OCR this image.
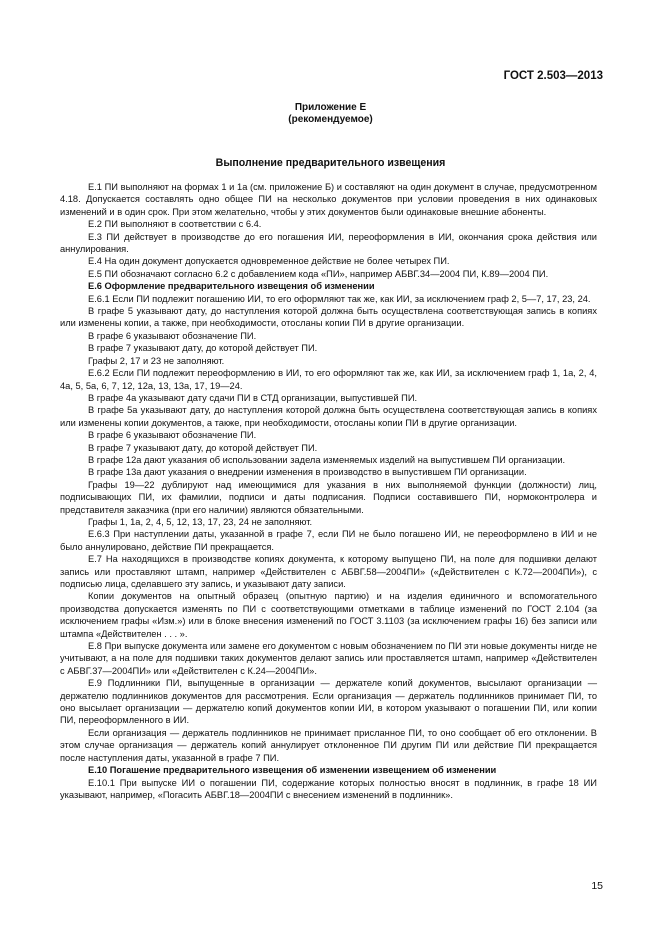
ГОСТ 2.503—2013
Приложение Е
(рекомендуемое)
Выполнение предварительного извещения

Е.1 ПИ выполняют на формах 1 и 1а (см. приложение Б) и составляют на один документ в случае, предусмотренном 4.18. Допускается составлять одно общее ПИ на несколько документов при условии проведения в них одинаковых изменений и в один срок. При этом желательно, чтобы у этих документов были одинаковые внешние абоненты.

Е.2 ПИ выполняют в соответствии с 6.4.

Е.3 ПИ действует в производстве до его погашения ИИ, переоформления в ИИ, окончания срока действия или аннулирования.

Е.4 На один документ допускается одновременное действие не более четырех ПИ.

Е.5 ПИ обозначают согласно 6.2 с добавлением кода «ПИ», например АБВГ.34—2004 ПИ, К.89—2004 ПИ.

Е.6 Оформление предварительного извещения об изменении

Е.6.1 Если ПИ подлежит погашению ИИ, то его оформляют так же, как ИИ, за исключением граф 2, 5—7, 17, 23, 24.

В графе 5 указывают дату, до наступления которой должна быть осуществлена соответствующая запись в копиях или изменены копии, а также, при необходимости, отосланы копии ПИ в другие организации.

В графе 6 указывают обозначение ПИ.

В графе 7 указывают дату, до которой действует ПИ.

Графы 2, 17 и 23 не заполняют.

Е.6.2 Если ПИ подлежит переоформлению в ИИ, то его оформляют так же, как ИИ, за исключением граф 1, 1а, 2, 4, 4а, 5, 5а, 6, 7, 12, 12а, 13, 13а, 17, 19—24.

В графе 4а указывают дату сдачи ПИ в СТД организации, выпустившей ПИ.

В графе 5а указывают дату, до наступления которой должна быть осуществлена соответствующая запись в копиях или изменены копии документов, а также, при необходимости, отосланы копии ПИ в другие организации.

В графе 6 указывают обозначение ПИ.

В графе 7 указывают дату, до которой действует ПИ.

В графе 12а дают указания об использовании задела изменяемых изделий на выпустившем ПИ организации.

В графе 13а дают указания о внедрении изменения в производство в выпустившем ПИ организации.

Графы 19—22 дублируют над имеющимися для указания в них выполняемой функции (должности) лиц, подписывающих ПИ, их фамилии, подписи и даты подписания. Подписи составившего ПИ, нормоконтролера и представителя заказчика (при его наличии) являются обязательными.

Графы 1, 1а, 2, 4, 5, 12, 13, 17, 23, 24 не заполняют.

Е.6.3 При наступлении даты, указанной в графе 7, если ПИ не было погашено ИИ, не переоформлено в ИИ и не было аннулировано, действие ПИ прекращается.

Е.7 На находящихся в производстве копиях документа, к которому выпущено ПИ, на поле для подшивки делают запись или проставляют штамп, например «Действителен с АБВГ.58—2004ПИ» («Действителен с К.72—2004ПИ»), с подписью лица, сделавшего эту запись, и указывают дату записи.

Копии документов на опытный образец (опытную партию) и на изделия единичного и вспомогательного производства допускается изменять по ПИ с соответствующими отметками в таблице изменений по ГОСТ 2.104 (за исключением графы «Изм.») или в блоке внесения изменений по ГОСТ 3.1103 (за исключением графы 16) без записи или штампа «Действителен . . . ».

Е.8 При выпуске документа или замене его документом с новым обозначением по ПИ эти новые документы нигде не учитывают, а на поле для подшивки таких документов делают запись или проставляется штамп, например «Действителен с АБВГ.37—2004ПИ» или «Действителен с К.24—2004ПИ».

Е.9 Подлинники ПИ, выпущенные в организации — держателе копий документов, высылают организации — держателю подлинников документов для рассмотрения. Если организация — держатель подлинников принимает ПИ, то оно высылает организации — держателю копий документов копии ИИ, в котором указывают о погашении ПИ, или копии ПИ, переоформленного в ИИ.

Если организация — держатель подлинников не принимает присланное ПИ, то оно сообщает об его отклонении. В этом случае организация — держатель копий аннулирует отклоненное ПИ другим ПИ или действие ПИ прекращается после наступления даты, указанной в графе 7 ПИ.

Е.10 Погашение предварительного извещения об изменении извещением об изменении

Е.10.1 При выпуске ИИ о погашении ПИ, содержание которых полностью вносят в подлинник, в графе 18 ИИ указывают, например, «Погасить АБВГ.18—2004ПИ с внесением изменений в подлинник».

15
